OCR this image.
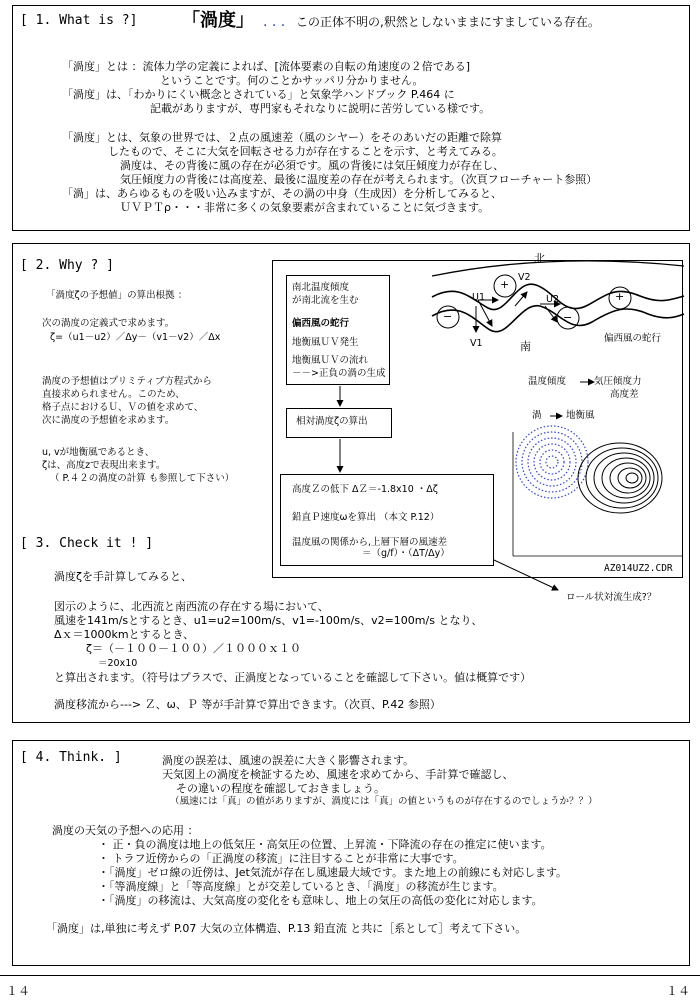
[ 1. What is ?] 「渦度」 . . . この正体不明の,釈然としないままにすましている存在。
「渦度」とは ：流体力学の定義によれば、[流体要素の自転の角速度の２倍である]
ということです。何のことかサッパリ分かりません。
「渦度」は、「わかりにくい概念とされている」と気象学ハンドブック P.464 に
記載がありますが、専門家もそれなりに説明に苦労している様です。
「渦度」とは、気象の世界では、２点の風速差（風のシヤー）をそのあいだの距離で除算
したもので、そこに大気を回転させる力が存在することを示す、と考えてみる。
渦度は、その背後に風の存在が必須です。風の背後には気圧傾度力が存在し、
気圧傾度力の背後には高度差、最後に温度差の存在が考えられます。（次頁フローチャート参照）
「渦」は、あらゆるものを吸い込みますが、その渦の中身（生成因）を分析してみると、
ＵＶＰＴρ・・・非常に多くの気象要素が含まれていることに気づきます。
[ 2. Why ? ]
「渦度ζの予想値」の算出根拠 ：
次の渦度の定義式で求めます。
ζ=（u1－u2）／Δy－（v1－v2）／Δx
渦度の予想値はプリミティブ方程式から
直接求められません。このため、
格子点におけるＵ、Ｖの値を求めて、
次に渦度の予想値を求めます。
u, vが地衡風であるとき、
ζは、高度zで表現出来ます。
（ P.４２の渦度の計算 も参照して下さい）
南北温度傾度
が南北流を生む
偏西風の蛇行
地衡風ＵＶ発生
地衡風ＵＶの流れ
－－>正負の渦の生成
相対渦度ζの算出
高度Ｚの低下 ΔＺ＝-1.8x10 ・Δζ
鉛直Ｐ速度ωを算出 （本文 P.12）
温度風の関係から,上層下層の風速差
＝（g/f）・（ΔT/Δy）
北
南
U1	U2
V1
V2
+
+
−	−
偏西風の蛇行
温度傾度	気圧傾度力
高度差
渦	地衡風
AZ014UZ2.CDR
ロール状対流生成?？
[ 3. Check it ! ]
渦度ζを手計算してみると、
図示のように、北西流と南西流の存在する場において、
風速を141m/sとするとき、u1=u2=100m/s、v1=-100m/s、v2=100m/s となり、
Δｘ＝1000kmとするとき、
ζ＝（－１００－１００）／１０００ｘ１０
＝20x10
と算出されます。（符号はプラスで、正渦度となっていることを確認して下さい。値は概算です）
渦度移流から---> Ｚ、ω、Ｐ 等が手計算で算出できます。（次頁、P.42 参照）
[ 4. Think. ]	渦度の誤差は、風速の誤差に大きく影響されます。
天気図上の渦度を検証するため、風速を求めてから、手計算で確認し、
その違いの程度を確認しておきましょう。
（風速には「真」の値がありますが、渦度には「真」の値というものが存在するのでしょうか？？）
渦度の天気の予想への応用 ：
・ 正・負の渦度は地上の低気圧・高気圧の位置、上昇流・下降流の存在の推定に使います。
・ トラフ近傍からの「正渦度の移流」に注目することが非常に大事です。
・「渦度」ゼロ線の近傍は、Jet気流が存在し風速最大域です。また地上の前線にも対応します。
・「等渦度線」と「等高度線」とが交差しているとき、「渦度」の移流が生じます。
・「渦度」の移流は、大気高度の変化をも意味し、地上の気圧の高低の変化に対応します。
「渦度」は,単独に考えず P.07 大気の立体構造、P.13 鉛直流 と共に［系として］考えて下さい。
１４	１４
